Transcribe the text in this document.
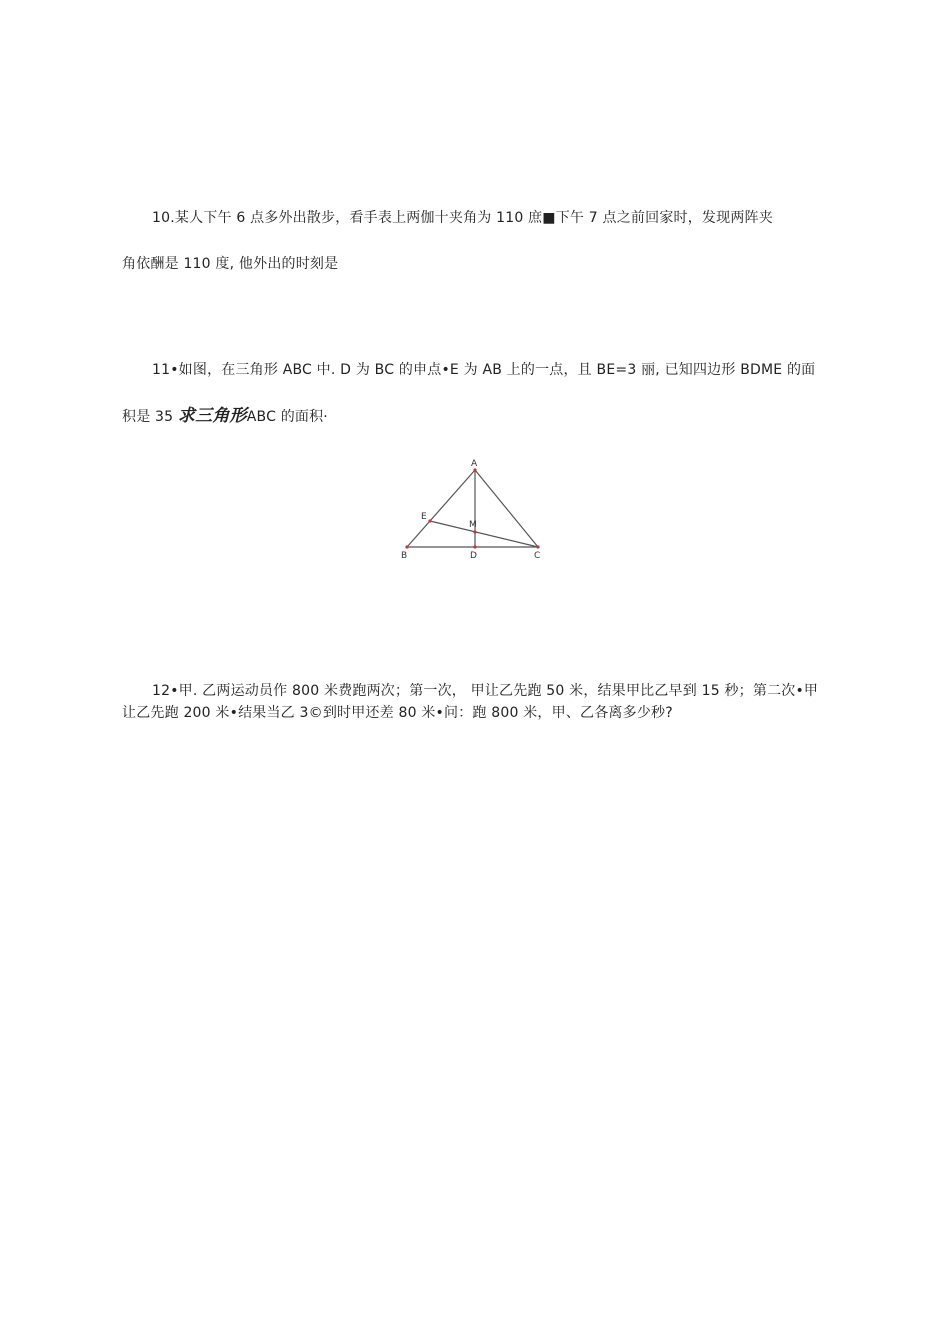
10.某人下午 6 点多外出散步，看手表上两伽十夹角为 110 庶■下午 7 点之前回家时，发现两阵夹
角依酬是 110 度, 他外出的时刻是
11•如图，在三角形 ABC 中. D 为 BC 的申点•E 为 AB 上的一点，且 BE=3 丽, 已知四边形 BDME 的面
积是 35 求三角形ABC 的面积·
A
B	C
D
E
M
12•甲. 乙两运动员作 800 米费跑两次；第一次， 甲让乙先跑 50 米，结果甲比乙早到 15 秒；第二次•甲
让乙先跑 200 米•结果当乙 3©到时甲还差 80 米•问：跑 800 米，甲、乙各离多少秒?
